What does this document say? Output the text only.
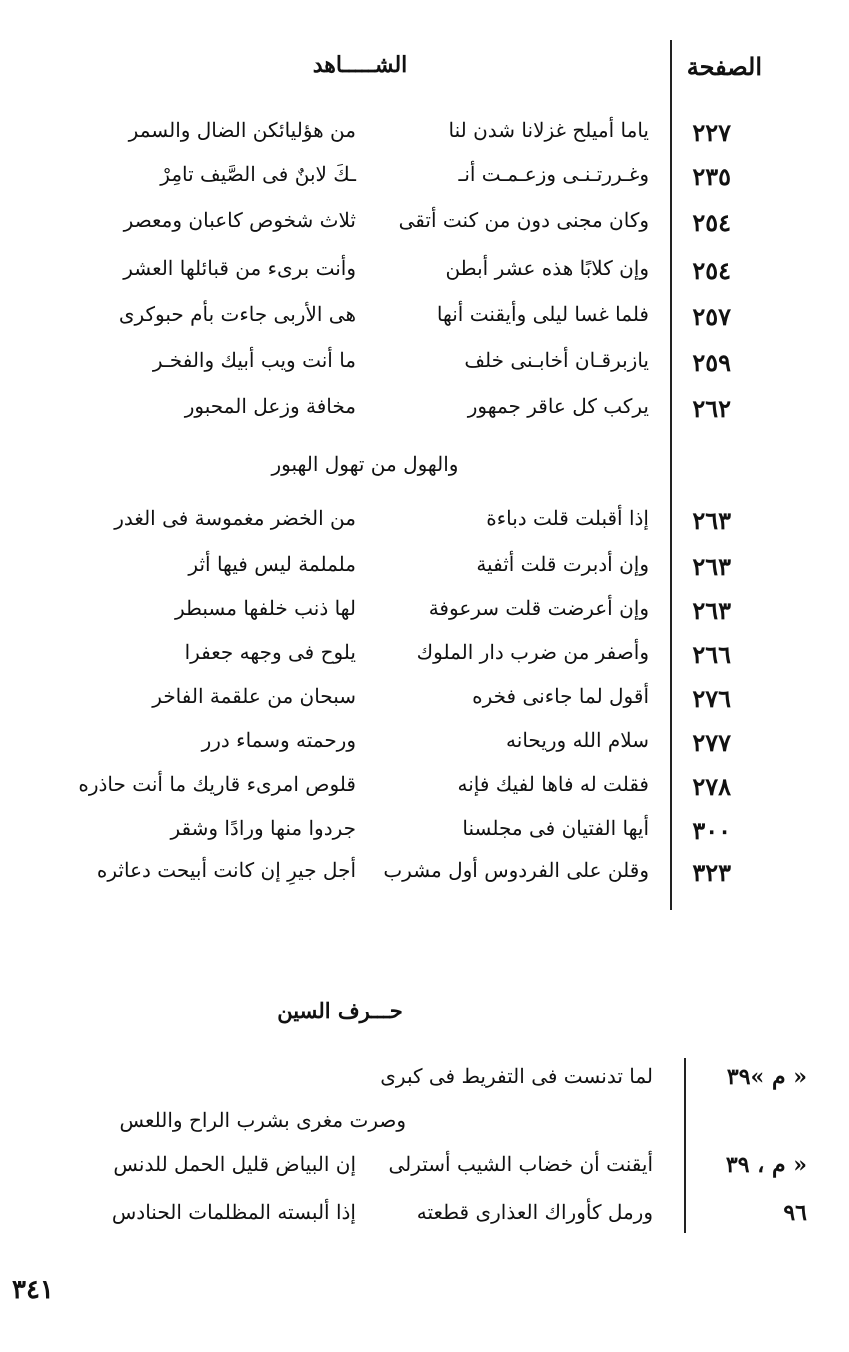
الصفحة
الشـــــاهد
٢٢٧
ياما أميلح غزلانا شدن لنا
من هؤليائكن الضال والسمر
٢٣٥
وغـررتـنـى وزعـمـت أنـ
ـكَ لابنٌ فى الصَّيف تامِرْ
٢٥٤
وكان مجنى دون من كنت أتقى
ثلاث شخوص كاعبان ومعصر
٢٥٤
وإن كلابًا هذه عشر أبطن
وأنت برىء من قبائلها العشر
٢٥٧
فلما غسا ليلى وأيقنت أنها
هى الأربى جاءت بأم حبوكرى
٢٥٩
يازبرقـان أخابـنى خلف
ما أنت ويب أبيك والفخـر
٢٦٢
يركب كل عاقر جمهور
مخافة وزعل المحبور
والهول من تهول الهبور
٢٦٣
إذا أقبلت قلت دباءة
من الخضر مغموسة فى الغدر
٢٦٣
وإن أدبرت قلت أثفية
ململمة ليس فيها أثر
٢٦٣
وإن أعرضت قلت سرعوفة
لها ذنب خلفها مسبطر
٢٦٦
وأصفر من ضرب دار الملوك
يلوح فى وجهه جعفرا
٢٧٦
أقول لما جاءنى فخره
سبحان من علقمة الفاخر
٢٧٧
سلام الله وريحانه
ورحمته وسماء درر
٢٧٨
فقلت له فاها لفيك فإنه
قلوص امرىء قاريك ما أنت حاذره
٣٠٠
أيها الفتيان فى مجلسنا
جردوا منها ورادًا وشقر
٣٢٣
وقلن على الفردوس أول مشرب
أجل جيرِ إن كانت أبيحت دعاثره
حـــرف السين
« م »٣٩
لما تدنست فى التفريط فى كبرى
وصرت مغرى بشرب الراح واللعس
« م ، ٣٩
أيقنت أن خضاب الشيب أسترلى
إن البياض قليل الحمل للدنس
٩٦
ورمل كأوراك العذارى قطعته
إذا ألبسته المظلمات الحنادس
٣٤١
